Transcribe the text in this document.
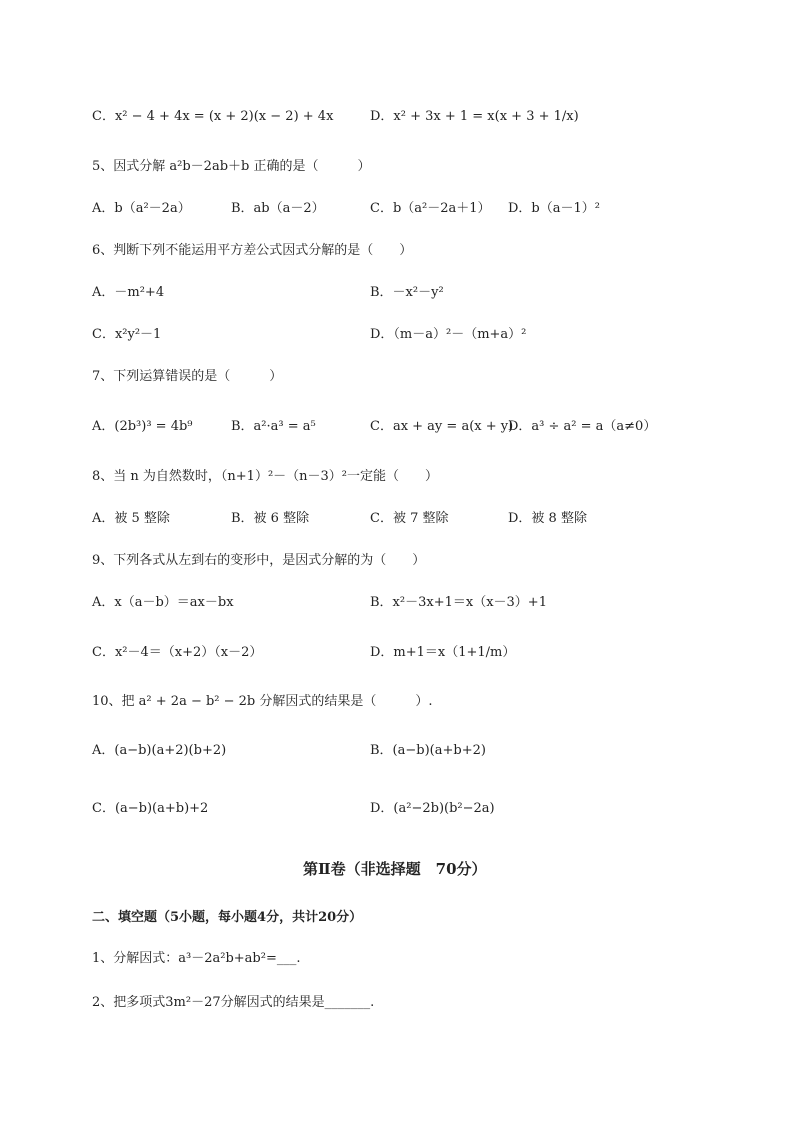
C．x² − 4 + 4x = (x + 2)(x − 2) + 4x	D．x² + 3x + 1 = x(x + 3 + 1/x)
5、因式分解 a²b－2ab＋b 正确的是（　　　）
A．b（a²－2a）	B．ab（a－2）	C．b（a²－2a＋1） D．b（a－1）²
6、判断下列不能运用平方差公式因式分解的是（　　）
A．－m²+4	B．－x²－y²
C．x²y²－1	D．（m－a）²－（m+a）²
7、下列运算错误的是（　　　）
A．(2b³)³ = 4b⁹	B．a²·a³ = a⁵	C．ax + ay = a(x + y)
D．a³ ÷ a² = a（a≠0）
8、当 n 为自然数时，（n+1）²－（n－3）²一定能（　　）
A．被 5 整除	B．被 6 整除	C．被 7 整除	D．被 8 整除
9、下列各式从左到右的变形中，是因式分解的为（　　）
A．x（a－b）＝ax－bx	B．x²－3x+1＝x（x－3）+1
C．x²－4＝（x+2）（x－2）	D．m+1＝x（1+1/m）
10、把 a² + 2a − b² − 2b 分解因式的结果是（　　　）.
A．(a−b)(a+2)(b+2)	B．(a−b)(a+b+2)
C．(a−b)(a+b)+2	D．(a²−2b)(b²−2a)
第Ⅱ卷（非选择题　70分）
二、填空题（5小题，每小题4分，共计20分）
1、分解因式：a³－2a²b+ab²=___.
2、把多项式3m²－27分解因式的结果是_______.
